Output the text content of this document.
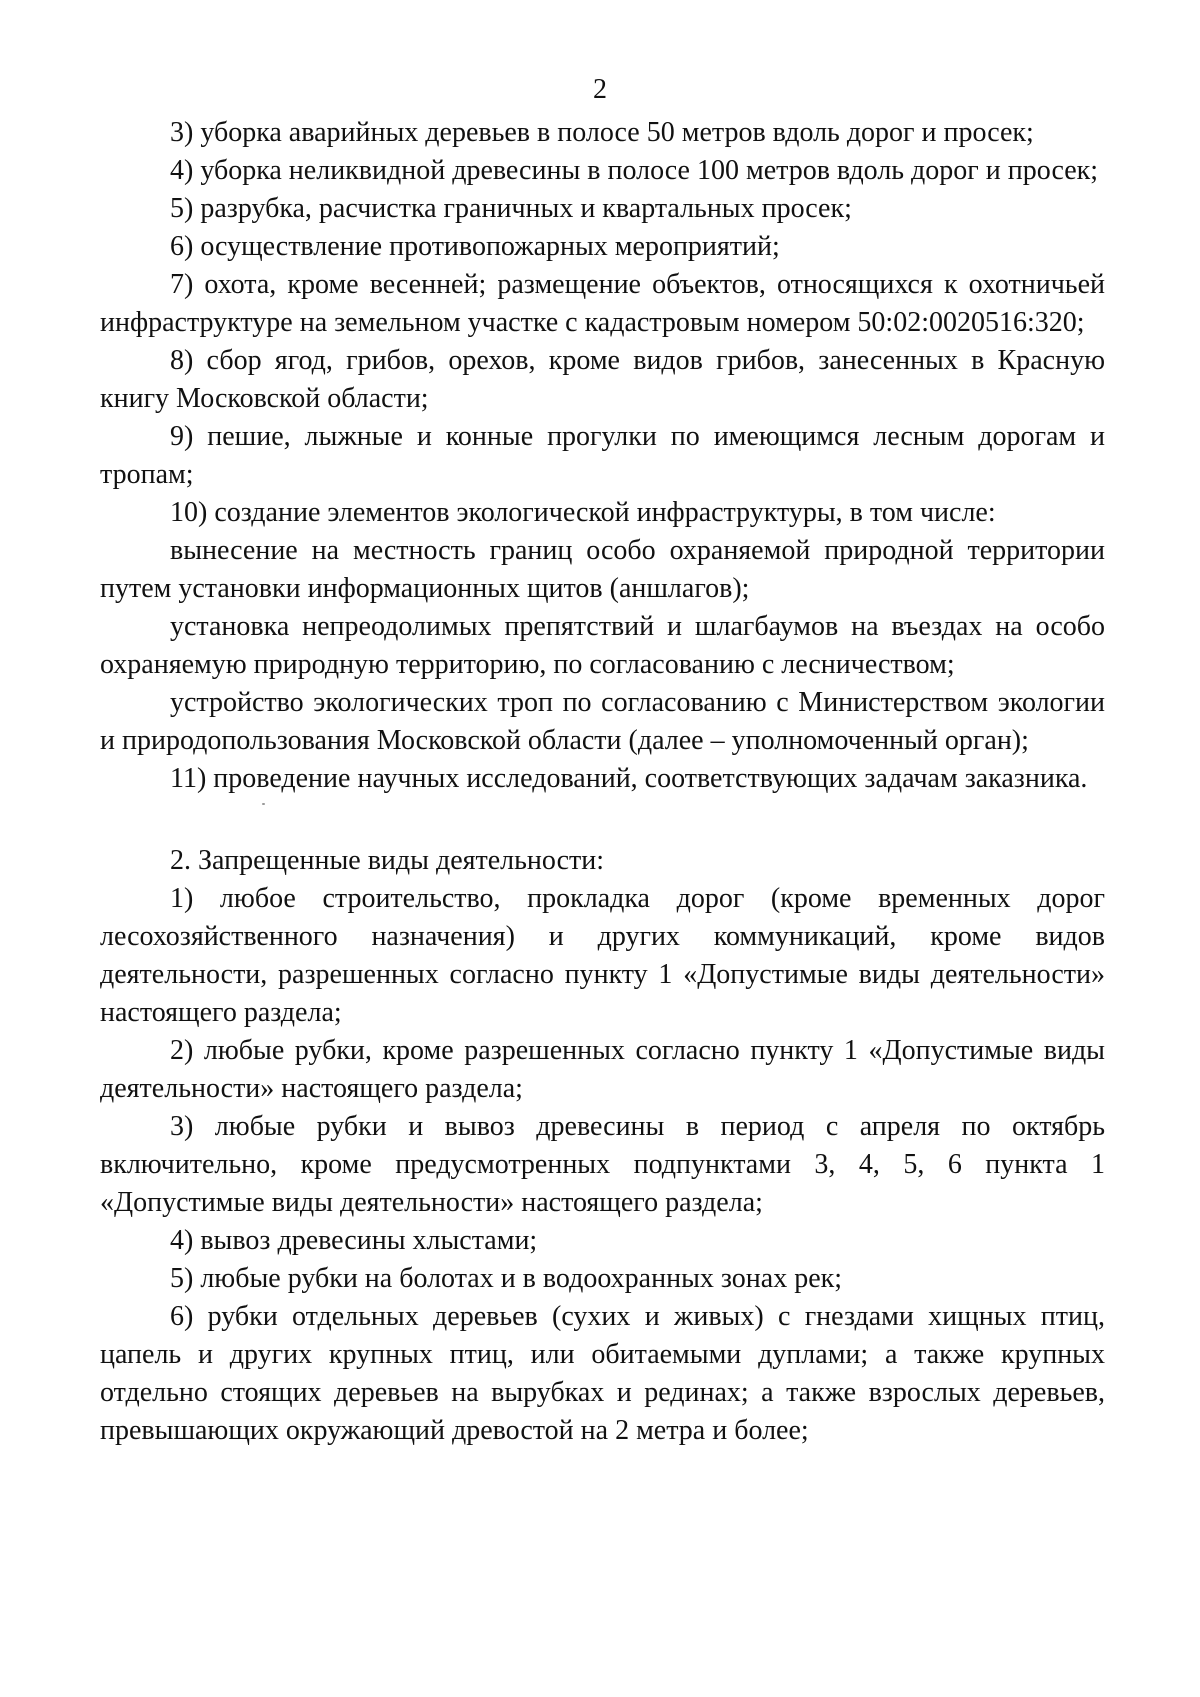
2

3) уборка аварийных деревьев в полосе 50 метров вдоль дорог и просек;

4) уборка неликвидной древесины в полосе 100 метров вдоль дорог и просек;

5) разрубка, расчистка граничных и квартальных просек;

6) осуществление противопожарных мероприятий;

7) охота, кроме весенней; размещение объектов, относящихся к охотничьей инфраструктуре на земельном участке с кадастровым номером 50:02:0020516:320;

8) сбор ягод, грибов, орехов, кроме видов грибов, занесенных в Красную книгу Московской области;

9) пешие, лыжные и конные прогулки по имеющимся лесным дорогам и тропам;

10) создание элементов экологической инфраструктуры, в том числе:

вынесение на местность границ особо охраняемой природной территории путем установки информационных щитов (аншлагов);

установка непреодолимых препятствий и шлагбаумов на въездах на особо охраняемую природную территорию, по согласованию с лесничеством;

устройство экологических троп по согласованию с Министерством экологии и природопользования Московской области (далее – уполномоченный орган);

11) проведение научных исследований, соответствующих задачам заказника.

2. Запрещенные виды деятельности:

1) любое строительство, прокладка дорог (кроме временных дорог лесохозяйственного назначения) и других коммуникаций, кроме видов деятельности, разрешенных согласно пункту 1 «Допустимые виды деятельности» настоящего раздела;

2) любые рубки, кроме разрешенных согласно пункту 1 «Допустимые виды деятельности» настоящего раздела;

3) любые рубки и вывоз древесины в период с апреля по октябрь включительно, кроме предусмотренных подпунктами 3, 4, 5, 6 пункта 1 «Допустимые виды деятельности» настоящего раздела;

4) вывоз древесины хлыстами;

5) любые рубки на болотах и в водоохранных зонах рек;

6) рубки отдельных деревьев (сухих и живых) с гнездами хищных птиц, цапель и других крупных птиц, или обитаемыми дуплами; а также крупных отдельно стоящих деревьев на вырубках и рединах; а также взрослых деревьев, превышающих окружающий древостой на 2 метра и более;
